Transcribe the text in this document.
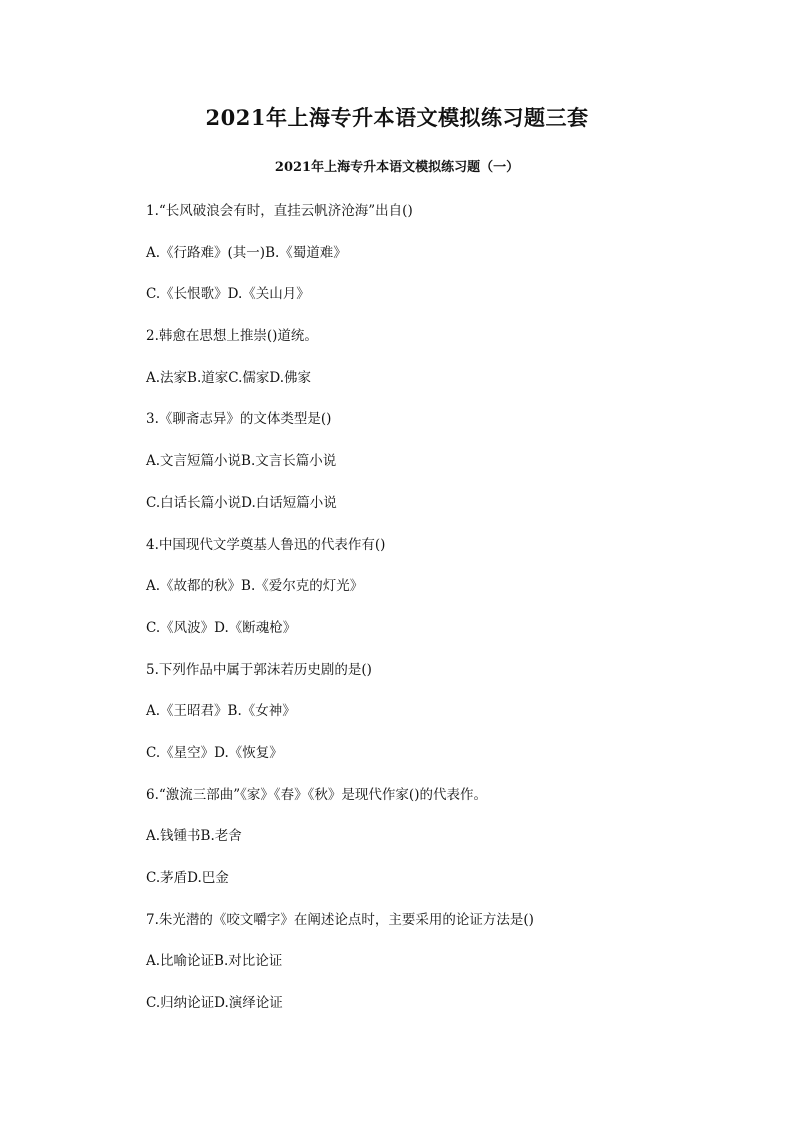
2021年上海专升本语文模拟练习题三套
2021年上海专升本语文模拟练习题（一）
1.“长风破浪会有时，直挂云帆济沧海”出自()
A.《行路难》(其一)B.《蜀道难》
C.《长恨歌》D.《关山月》
2.韩愈在思想上推崇()道统。
A.法家B.道家C.儒家D.佛家
3.《聊斋志异》的文体类型是()
A.文言短篇小说B.文言长篇小说
C.白话长篇小说D.白话短篇小说
4.中国现代文学奠基人鲁迅的代表作有()
A.《故都的秋》B.《爱尔克的灯光》
C.《风波》D.《断魂枪》
5.下列作品中属于郭沫若历史剧的是()
A.《王昭君》B.《女神》
C.《星空》D.《恢复》
6.“激流三部曲”《家》《春》《秋》是现代作家()的代表作。
A.钱锺书B.老舍
C.茅盾D.巴金
7.朱光潜的《咬文嚼字》在阐述论点时，主要采用的论证方法是()
A.比喻论证B.对比论证
C.归纳论证D.演绎论证
